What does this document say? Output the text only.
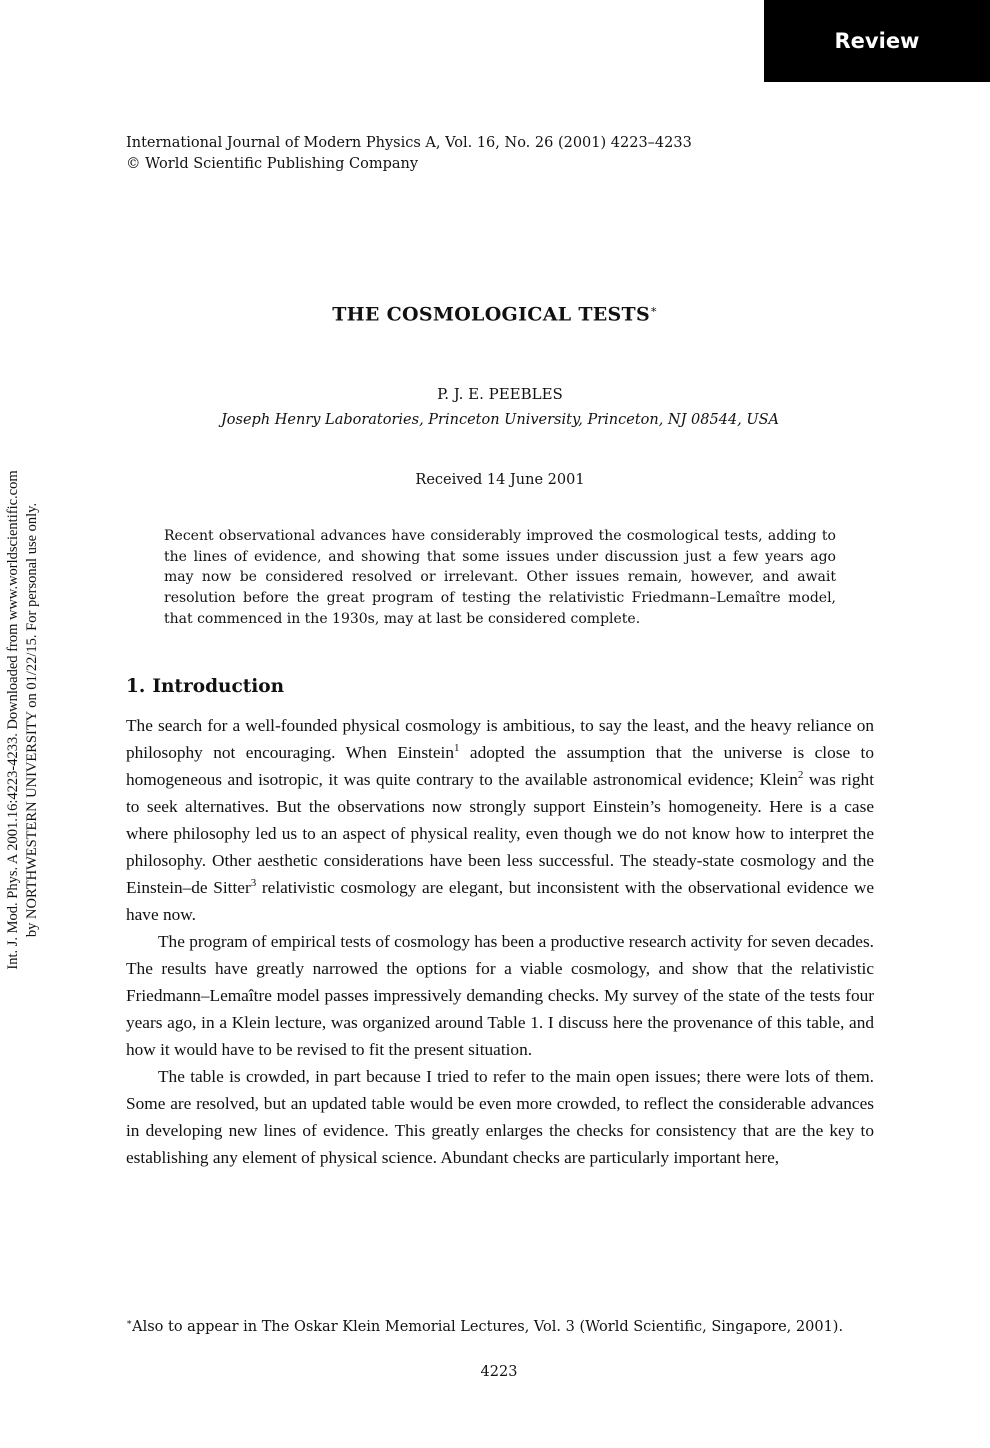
Review
International Journal of Modern Physics A, Vol. 16, No. 26 (2001) 4223–4233
© World Scientific Publishing Company
Int. J. Mod. Phys. A 2001.16:4223-4233. Downloaded from www.worldscientific.com by NORTHWESTERN UNIVERSITY on 01/22/15. For personal use only.
THE COSMOLOGICAL TESTS∗
P. J. E. PEEBLES
Joseph Henry Laboratories, Princeton University, Princeton, NJ 08544, USA
Received 14 June 2001
Recent observational advances have considerably improved the cosmological tests, adding to the lines of evidence, and showing that some issues under discussion just a few years ago may now be considered resolved or irrelevant. Other issues remain, however, and await resolution before the great program of testing the relativistic Friedmann–Lemaître model, that commenced in the 1930s, may at last be considered complete.
1. Introduction

The search for a well-founded physical cosmology is ambitious, to say the least, and the heavy reliance on philosophy not encouraging. When Einstein$^1$ adopted the assumption that the universe is close to homogeneous and isotropic, it was quite contrary to the available astronomical evidence; Klein$^2$ was right to seek alternatives. But the observations now strongly support Einstein’s homogeneity. Here is a case where philosophy led us to an aspect of physical reality, even though we do not know how to interpret the philosophy. Other aesthetic considerations have been less successful. The steady-state cosmology and the Einstein–de Sitter$^3$ relativistic cosmology are elegant, but inconsistent with the observational evidence we have now.

The program of empirical tests of cosmology has been a productive research activity for seven decades. The results have greatly narrowed the options for a viable cosmology, and show that the relativistic Friedmann–Lemaître model passes impressively demanding checks. My survey of the state of the tests four years ago, in a Klein lecture, was organized around Table 1. I discuss here the provenance of this table, and how it would have to be revised to fit the present situation.

The table is crowded, in part because I tried to refer to the main open issues; there were lots of them. Some are resolved, but an updated table would be even more crowded, to reflect the considerable advances in developing new lines of evidence. This greatly enlarges the checks for consistency that are the key to establishing any element of physical science. Abundant checks are particularly important here,

∗Also to appear in The Oskar Klein Memorial Lectures, Vol. 3 (World Scientific, Singapore, 2001).
4223
